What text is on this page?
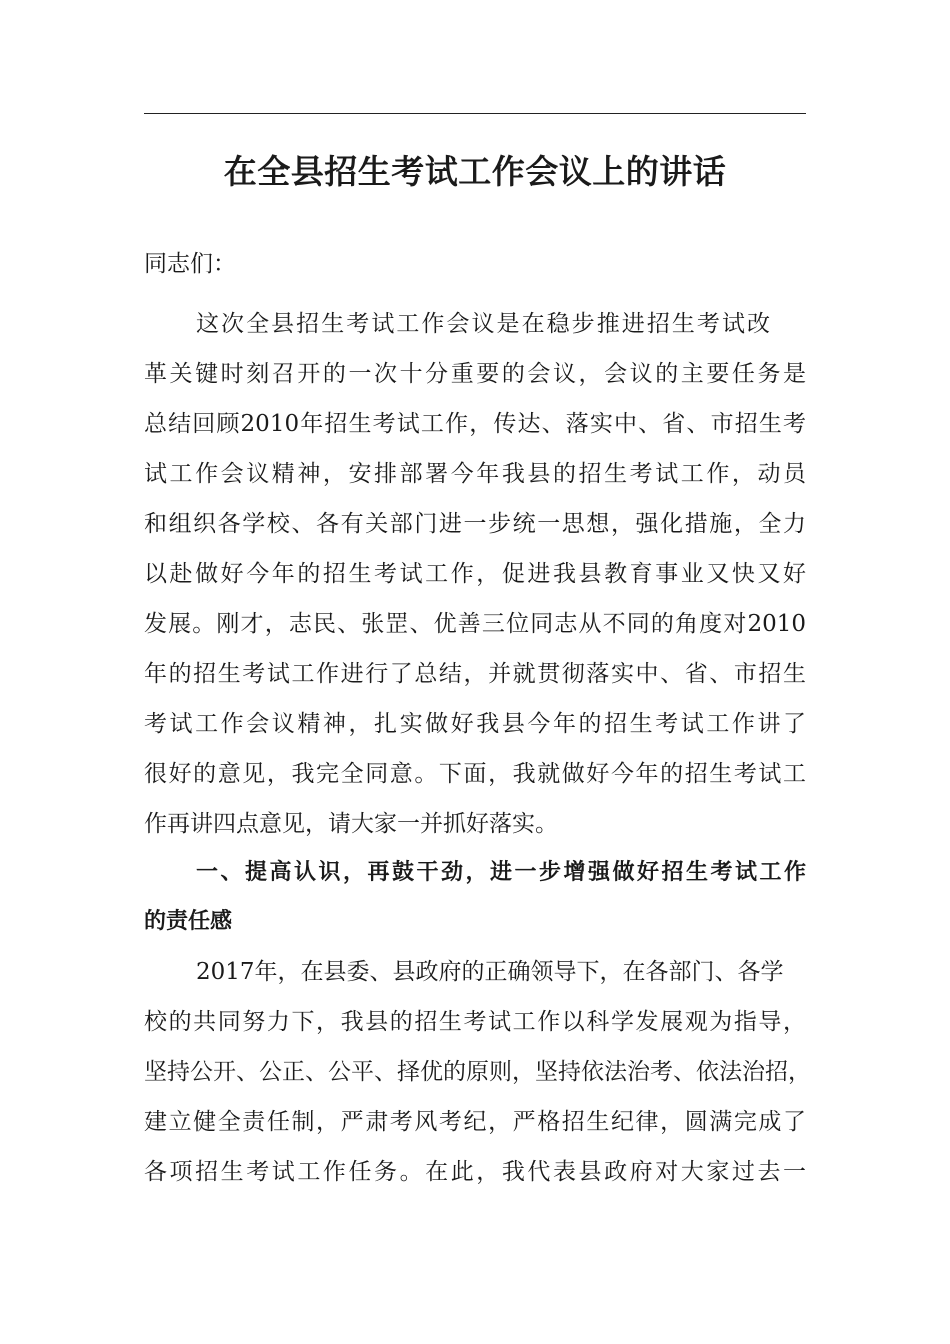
在全县招生考试工作会议上的讲话
同志们：
这次全县招生考试工作会议是在稳步推进招生考试改
革关键时刻召开的一次十分重要的会议，会议的主要任务是
总结回顾2010年招生考试工作，传达、落实中、省、市招生考
试工作会议精神，安排部署今年我县的招生考试工作，动员
和组织各学校、各有关部门进一步统一思想，强化措施，全力
以赴做好今年的招生考试工作，促进我县教育事业又快又好
发展。刚才，志民、张罡、优善三位同志从不同的角度对2010
年的招生考试工作进行了总结，并就贯彻落实中、省、市招生
考试工作会议精神，扎实做好我县今年的招生考试工作讲了
很好的意见，我完全同意。下面，我就做好今年的招生考试工
作再讲四点意见，请大家一并抓好落实。
一、提高认识，再鼓干劲，进一步增强做好招生考试工作
的责任感
2017年，在县委、县政府的正确领导下，在各部门、各学
校的共同努力下，我县的招生考试工作以科学发展观为指导，
坚持公开、公正、公平、择优的原则，坚持依法治考、依法治招，
建立健全责任制，严肃考风考纪，严格招生纪律，圆满完成了
各项招生考试工作任务。在此，我代表县政府对大家过去一
